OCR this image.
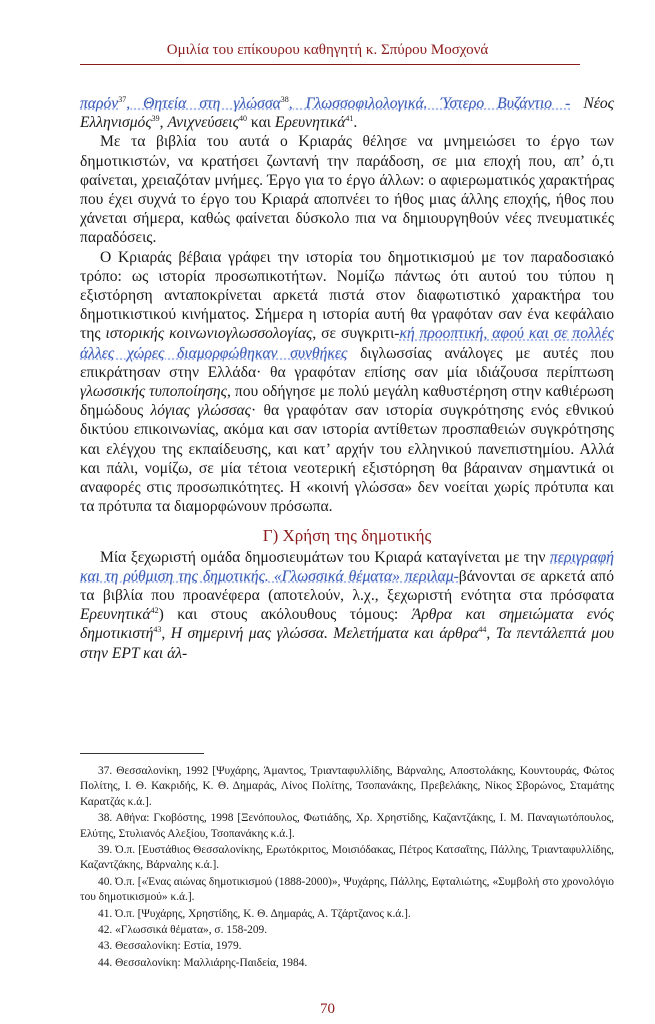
Ομιλία του επίκουρου καθηγητή κ. Σπύρου Μοσχονά

παρόν$^{37}$, Θητεία στη γλώσσα$^{38}$, Γλωσσοφιλολογικά. Ύστερο Βυζάντιο - Νέος Ελληνισμός$^{39}$, Ανιχνεύσεις$^{40}$ και Ερευνητικά$^{41}$.

Με τα βιβλία του αυτά ο Κριαράς θέλησε να μνημειώσει το έργο των δημοτικιστών, να κρατήσει ζωντανή την παράδοση, σε μια εποχή που, απ’ ό,τι φαίνεται, χρειαζόταν μνήμες. Έργο για το έργο άλλων: ο αφιερωματικός χαρακτήρας που έχει συχνά το έργο του Κριαρά αποπνέει το ήθος μιας άλλης εποχής, ήθος που χάνεται σήμερα, καθώς φαίνεται δύσκολο πια να δημιουργηθούν νέες πνευματικές παραδόσεις.

Ο Κριαράς βέβαια γράφει την ιστορία του δημοτικισμού με τον παραδοσιακό τρόπο: ως ιστορία προσωπικοτήτων. Νομίζω πάντως ότι αυτού του τύπου η εξιστόρηση ανταποκρίνεται αρκετά πιστά στον διαφωτιστικό χαρακτήρα του δημοτικιστικού κινήματος. Σήμερα η ιστορία αυτή θα γραφόταν σαν ένα κεφάλαιο της ιστορικής κοινωνιογλωσσολογίας, σε συγκριτι-κή προοπτική, αφού και σε πολλές άλλες χώρες διαμορφώθηκαν συνθήκες διγλωσσίας ανάλογες με αυτές που επικράτησαν στην Ελλάδα· θα γραφόταν επίσης σαν μία ιδιάζουσα περίπτωση γλωσσικής τυποποίησης, που οδήγησε με πολύ μεγάλη καθυστέρηση στην καθιέρωση δημώδους λόγιας γλώσσας· θα γραφόταν σαν ιστορία συγκρότησης ενός εθνικού δικτύου επικοινωνίας, ακόμα και σαν ιστορία αντίθετων προσπαθειών συγκρότησης και ελέγχου της εκπαίδευσης, και κατ’ αρχήν του ελληνικού πανεπιστημίου. Αλλά και πάλι, νομίζω, σε μία τέτοια νεοτερική εξιστόρηση θα βάραιναν σημαντικά οι αναφορές στις προσωπικότητες. Η «κοινή γλώσσα» δεν νοείται χωρίς πρότυπα και τα πρότυπα τα διαμορφώνουν πρόσωπα.

Γ) Χρήση της δημοτικής

Μία ξεχωριστή ομάδα δημοσιευμάτων του Κριαρά καταγίνεται με την περιγραφή και τη ρύθμιση της δημοτικής. «Γλωσσικά θέματα» περιλαμ-βάνονται σε αρκετά από τα βιβλία που προανέφερα (αποτελούν, λ.χ., ξεχωριστή ενότητα στα πρόσφατα Ερευνητικά$^{42}$) και στους ακόλουθους τόμους: Άρθρα και σημειώματα ενός δημοτικιστή$^{43}$, Η σημερινή μας γλώσσα. Μελετήματα και άρθρα$^{44}$, Τα πεντάλεπτά μου στην ΕΡΤ και άλ-

37. Θεσσαλονίκη, 1992 [Ψυχάρης, Άμαντος, Τριανταφυλλίδης, Βάρναλης, Αποστολάκης, Κουντουράς, Φώτος Πολίτης, Ι. Θ. Κακριδής, Κ. Θ. Δημαράς, Λίνος Πολίτης, Τσοπανάκης, Πρεβελάκης, Νίκος Σβορώνος, Σταμάτης Καρατζάς κ.ά.].

38. Αθήνα: Γκοβόστης, 1998 [Ξενόπουλος, Φωτιάδης, Χρ. Χρηστίδης, Καζαντζάκης, Ι. Μ. Παναγιωτόπουλος, Ελύτης, Στυλιανός Αλεξίου, Τσοπανάκης κ.ά.].

39. Ό.π. [Ευστάθιος Θεσσαλονίκης, Ερωτόκριτος, Μοισιόδακας, Πέτρος Κατσαΐτης, Πάλλης, Τριανταφυλλίδης, Καζαντζάκης, Βάρναλης κ.ά.].

40. Ό.π. [«Ένας αιώνας δημοτικισμού (1888-2000)», Ψυχάρης, Πάλλης, Εφταλιώτης, «Συμβολή στο χρονολόγιο του δημοτικισμού» κ.ά.].

41. Ό.π. [Ψυχάρης, Χρηστίδης, Κ. Θ. Δημαράς, Α. Τζάρτζανος κ.ά.].

42. «Γλωσσικά θέματα», σ. 158-209.

43. Θεσσαλονίκη: Εστία, 1979.

44. Θεσσαλονίκη: Μαλλιάρης-Παιδεία, 1984.

70
